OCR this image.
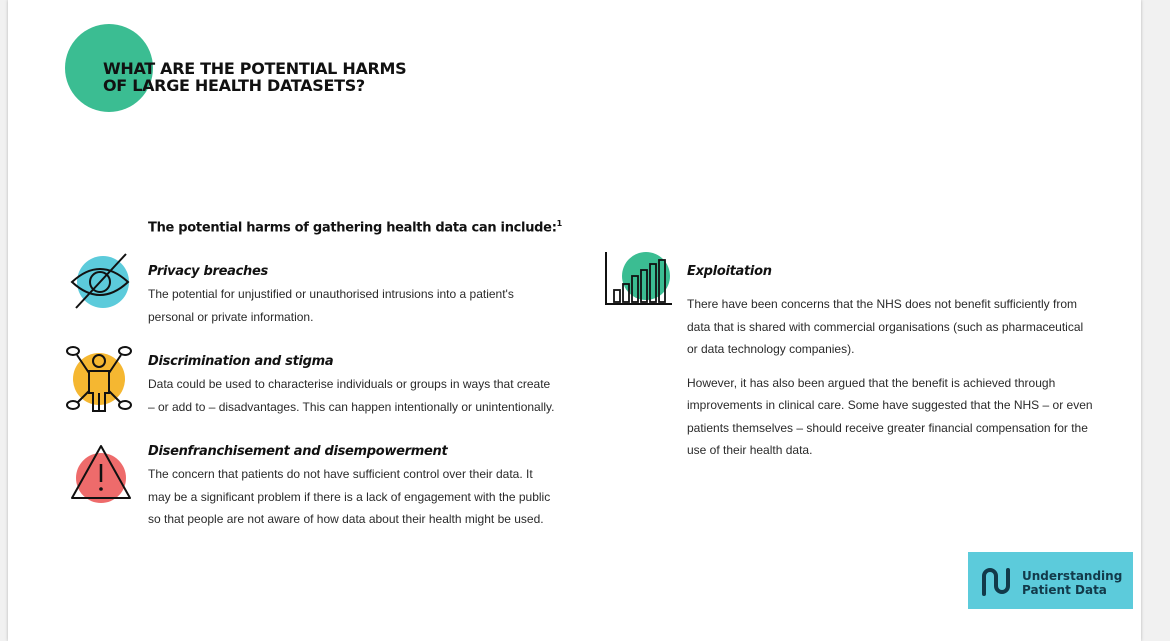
WHAT ARE THE POTENTIAL HARMS
OF LARGE HEALTH DATASETS?

The potential harms of gathering health data can include:$^1$

Privacy breaches

The potential for unjustified or unauthorised intrusions into a patient's
personal or private information.

Discrimination and stigma

Data could be used to characterise individuals or groups in ways that create
– or add to – disadvantages. This can happen intentionally or unintentionally.

Disenfranchisement and disempowerment

The concern that patients do not have sufficient control over their data. It
may be a significant problem if there is a lack of engagement with the public
so that people are not aware of how data about their health might be used.

Exploitation

There have been concerns that the NHS does not benefit sufficiently from
data that is shared with commercial organisations (such as pharmaceutical
or data technology companies).

However, it has also been argued that the benefit is achieved through
improvements in clinical care. Some have suggested that the NHS – or even
patients themselves – should receive greater financial compensation for the
use of their health data.

Understanding
Patient Data
